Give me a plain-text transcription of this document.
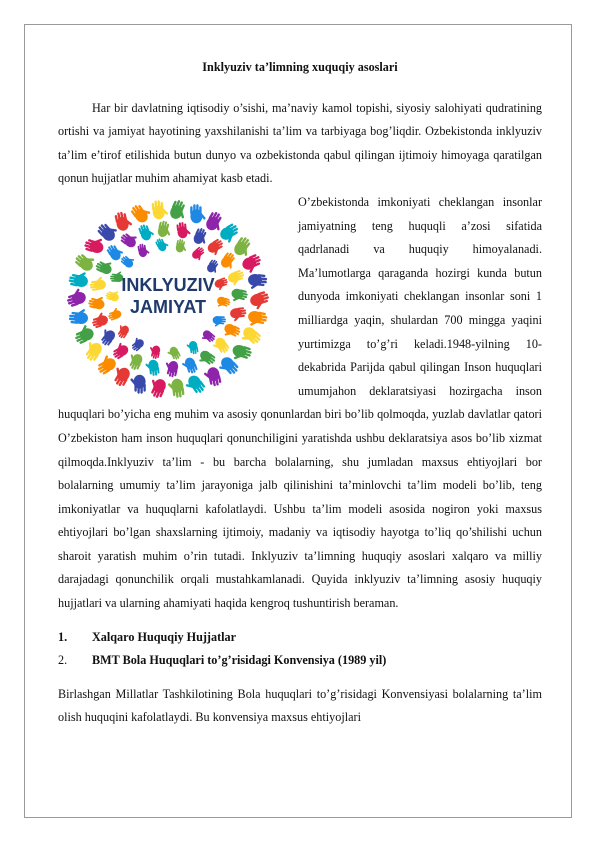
Inklyuziv ta’limning xuquqiy asoslari

Har bir davlatning iqtisodiy o’sishi, ma’naviy kamol topishi, siyosiy salohiyati qudratining ortishi va jamiyat hayotining yaxshilanishi ta’lim va tarbiyaga bog’liqdir. Ozbekistonda inklyuziv ta’lim e’tirof etilishida butun dunyo va ozbekistonda qabul qilingan ijtimoiy himoyaga qaratilgan qonun hujjatlar muhim ahamiyat kasb etadi.

INKLYUZIV
JAMIYAT

O’zbekistonda imkoniyati cheklangan insonlar jamiyatning teng huquqli a’zosi sifatida qadrlanadi va huquqiy himoyalanadi. Ma’lumotlarga qaraganda hozirgi kunda butun dunyoda imkoniyati cheklangan insonlar soni 1 milliardga yaqin, shulardan 700 mingga yaqini yurtimizga to’g’ri keladi.1948-yilning 10-dekabrida Parijda qabul qilingan Inson huquqlari umumjahon deklaratsiyasi hozirgacha inson huquqlari bo’yicha eng muhim va asosiy qonunlardan biri bo’lib qolmoqda, yuzlab davlatlar qatori O’zbekiston ham inson huquqlari qonunchiligini yaratishda ushbu deklaratsiya asos bo’lib xizmat qilmoqda.Inklyuziv ta’lim - bu barcha bolalarning, shu jumladan maxsus ehtiyojlari bor bolalarning umumiy ta’lim jarayoniga jalb qilinishini ta’minlovchi ta’lim modeli bo’lib, teng imkoniyatlar va huquqlarni kafolatlaydi. Ushbu ta’lim modeli asosida nogiron yoki maxsus ehtiyojlari bo’lgan shaxslarning ijtimoiy, madaniy va iqtisodiy hayotga to’liq qo’shilishi uchun sharoit yaratish muhim o’rin tutadi. Inklyuziv ta’limning huquqiy asoslari xalqaro va milliy darajadagi qonunchilik orqali mustahkamlanadi. Quyida inklyuziv ta’limning asosiy huquqiy hujjatlari va ularning ahamiyati haqida kengroq tushuntirish beraman.

1.	Xalqaro Huquqiy Hujjatlar
2.	BMT Bola Huquqlari to’g’risidagi Konvensiya (1989 yil)

Birlashgan Millatlar Tashkilotining Bola huquqlari to’g’risidagi Konvensiyasi bolalarning ta’lim olish huquqini kafolatlaydi. Bu konvensiya maxsus ehtiyojlari
